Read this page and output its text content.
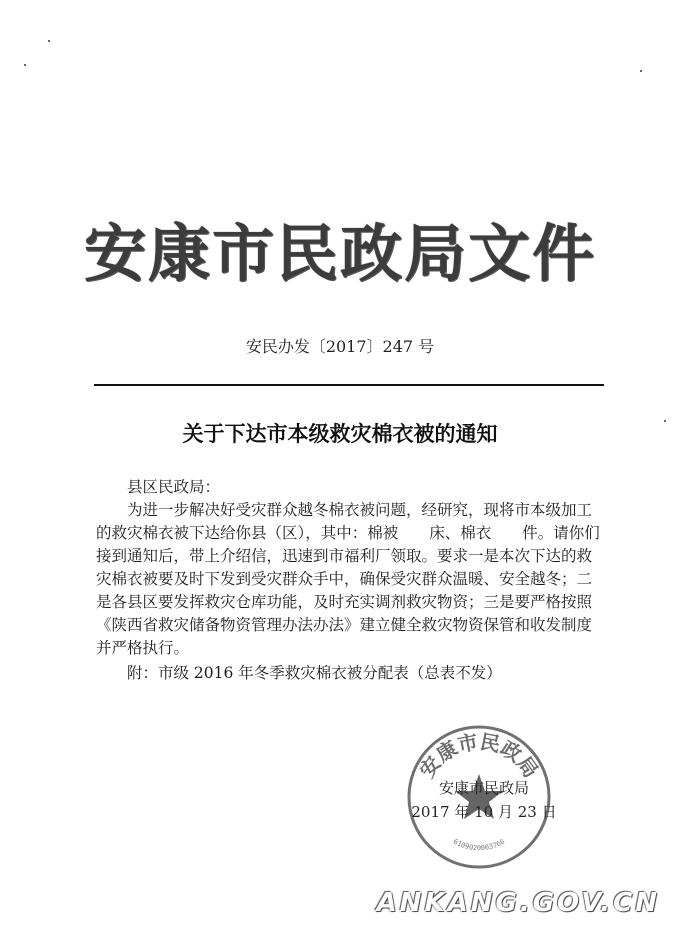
安康市民政局文件
安民办发〔2017〕247 号
关于下达市本级救灾棉衣被的通知

县区民政局：

为进一步解决好受灾群众越冬棉衣被问题，经研究，现将市本级加工的救灾棉衣被下达给你县（区），其中：棉被　　床、棉衣　　件。请你们接到通知后，带上介绍信，迅速到市福利厂领取。要求一是本次下达的救灾棉衣被要及时下发到受灾群众手中，确保受灾群众温暖、安全越冬；二是各县区要发挥救灾仓库功能，及时充实调剂救灾物资；三是要严格按照《陕西省救灾储备物资管理办法办法》建立健全救灾物资保管和收发制度并严格执行。

附：市级 2016 年冬季救灾棉衣被分配表（总表不发）

安康市民政局
6109020003766
安康市民政局
2017 年 10 月 23 日
ANKANG.GOV.CN
